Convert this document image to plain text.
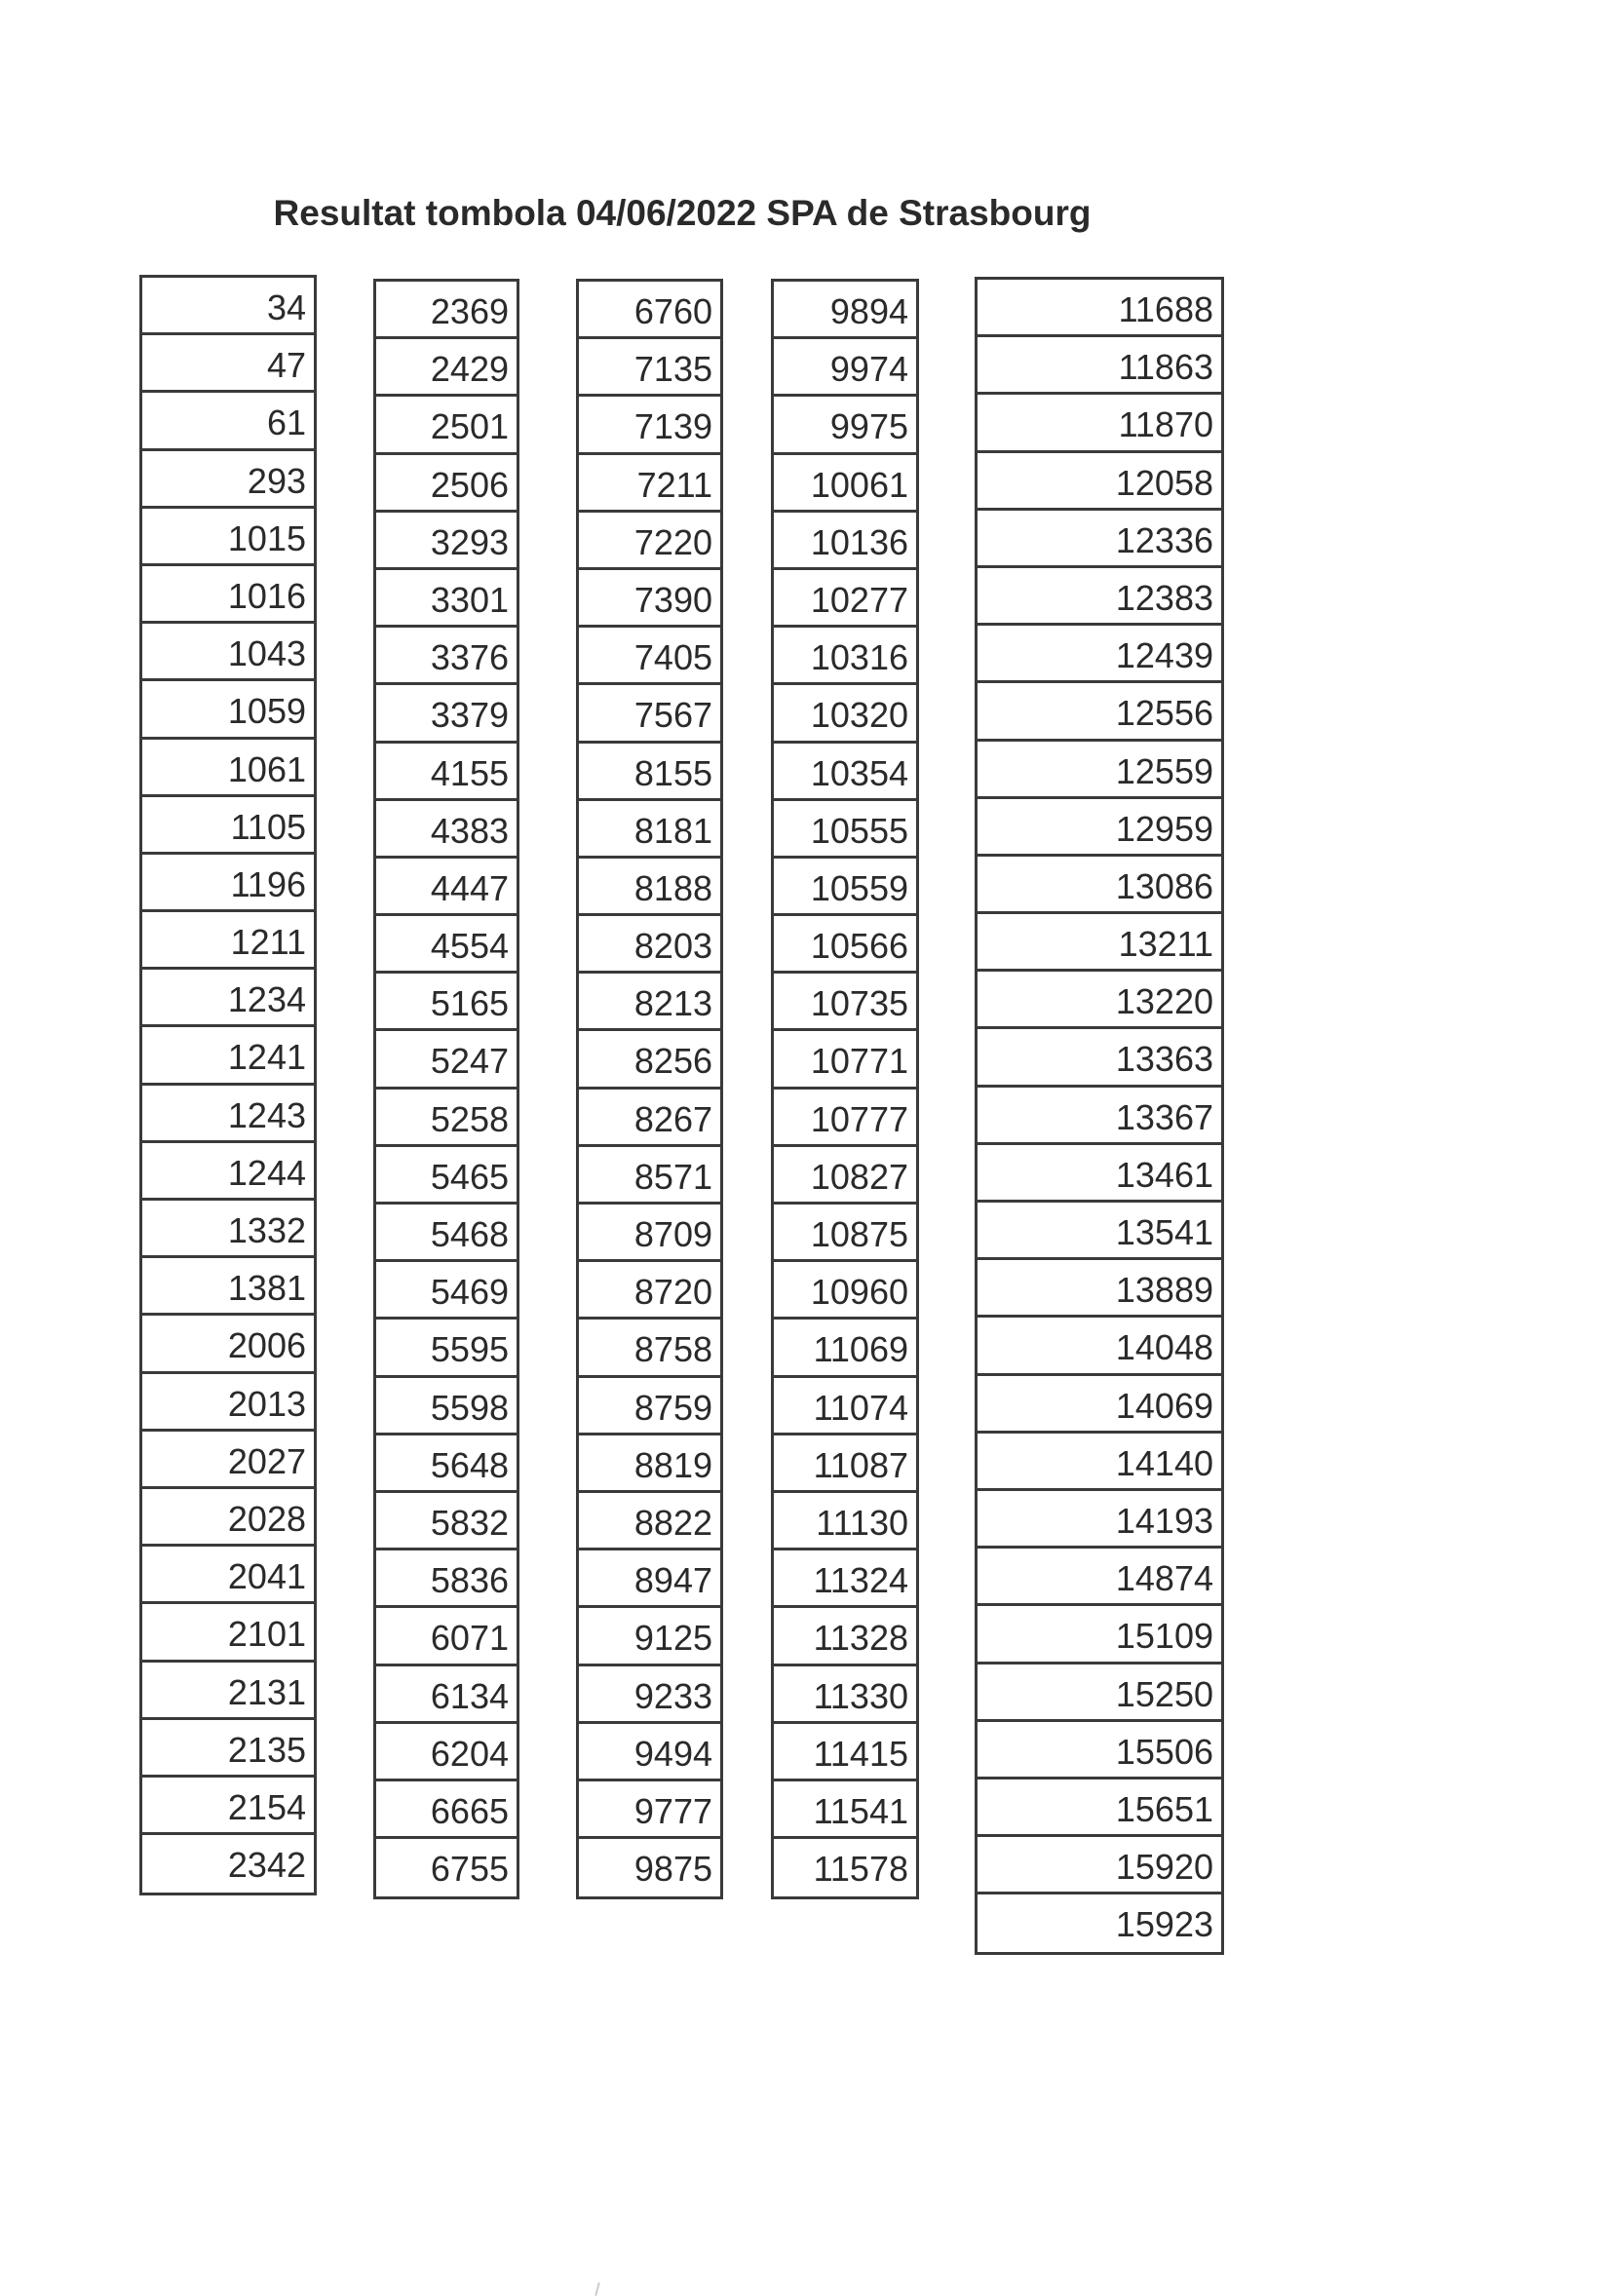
Resultat tombola 04/06/2022 SPA de Strasbourg
34
47
61
293
1015
1016
1043
1059
1061
1105
1196
1211
1234
1241
1243
1244
1332
1381
2006
2013
2027
2028
2041
2101
2131
2135
2154
2342
2369
2429
2501
2506
3293
3301
3376
3379
4155
4383
4447
4554
5165
5247
5258
5465
5468
5469
5595
5598
5648
5832
5836
6071
6134
6204
6665
6755
6760
7135
7139
7211
7220
7390
7405
7567
8155
8181
8188
8203
8213
8256
8267
8571
8709
8720
8758
8759
8819
8822
8947
9125
9233
9494
9777
9875
9894
9974
9975
10061
10136
10277
10316
10320
10354
10555
10559
10566
10735
10771
10777
10827
10875
10960
11069
11074
11087
11130
11324
11328
11330
11415
11541
11578
11688
11863
11870
12058
12336
12383
12439
12556
12559
12959
13086
13211
13220
13363
13367
13461
13541
13889
14048
14069
14140
14193
14874
15109
15250
15506
15651
15920
15923
